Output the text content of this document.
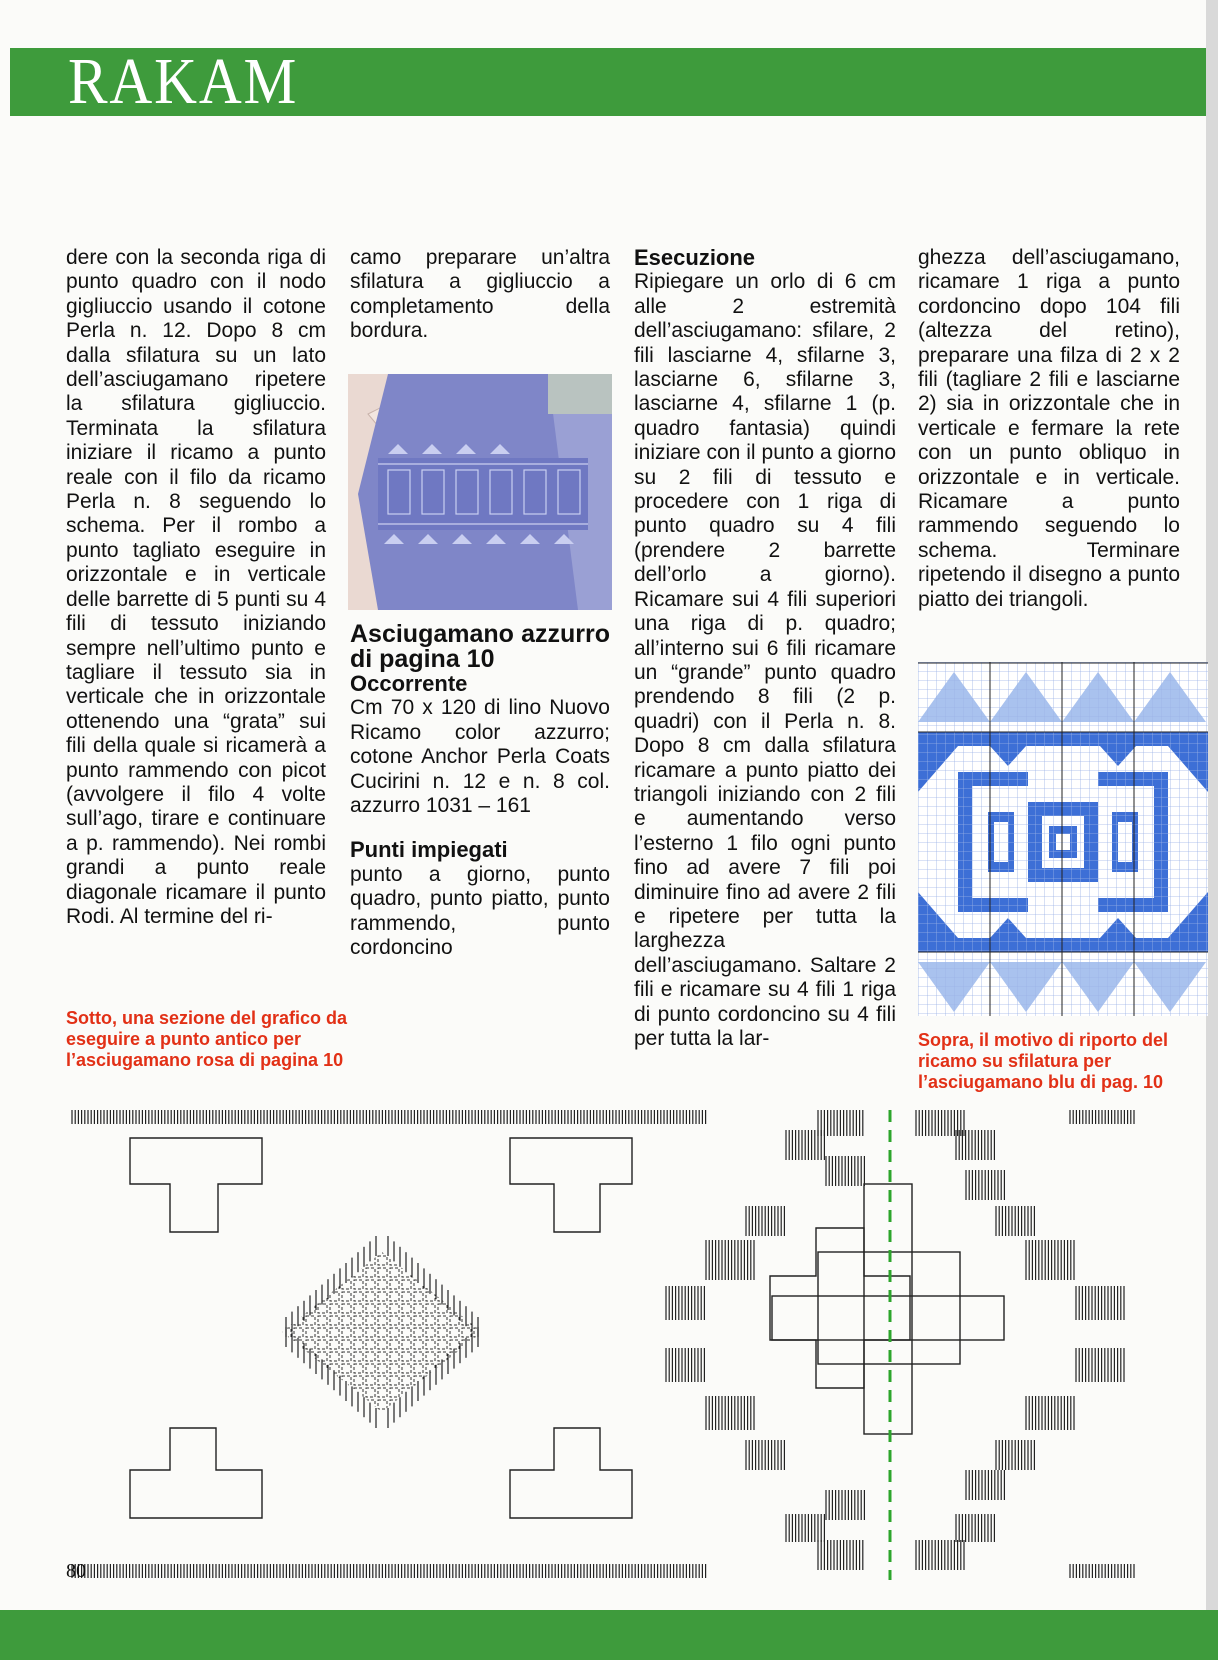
RAKAM

dere con la seconda riga di punto quadro con il nodo gigliuccio usando il cotone Perla n. 12. Dopo 8 cm dalla sfilatura su un lato dell’asciugamano ripetere la sfilatura gigliuccio. Terminata la sfilatura iniziare il ricamo a punto reale con il filo da ricamo Perla n. 8 seguendo lo schema. Per il rombo a punto tagliato eseguire in orizzontale e in verticale delle barrette di 5 punti su 4 fili di tessuto iniziando sempre nell’ultimo punto e tagliare il tessuto sia in verticale che in orizzontale ottenendo una “grata” sui fili della quale si ricamerà a punto rammendo con picot (avvolgere il filo 4 volte sull’ago, tirare e continuare a p. rammendo). Nei rombi grandi a punto reale diagonale ricamare il punto Rodi. Al termine del ri-

camo preparare un’altra sfilatura a gigliuccio a completamento della bordura.

Asciugamano azzurro di pagina 10

Occorrente

Cm 70 x 120 di lino Nuovo Ricamo color azzurro; cotone Anchor Perla Coats Cucirini n. 12 e n. 8 col. azzurro 1031 – 161

Punti impiegati

punto a giorno, punto quadro, punto piatto, punto rammendo, punto cordoncino

Esecuzione

Ripiegare un orlo di 6 cm alle 2 estremità dell’asciugamano: sfilare, 2 fili lasciarne 4, sfilarne 3, lasciarne 6, sfilarne 3, lasciarne 4, sfilarne 1 (p. quadro fantasia) quindi iniziare con il punto a giorno su 2 fili di tessuto e procedere con 1 riga di punto quadro su 4 fili (prendere 2 barrette dell’orlo a giorno). Ricamare sui 4 fili superiori una riga di p. quadro; all’interno sui 6 fili ricamare un “grande” punto quadro prendendo 8 fili (2 p. quadri) con il Perla n. 8. Dopo 8 cm dalla sfilatura ricamare a punto piatto dei triangoli iniziando con 2 fili e aumentando verso l’esterno 1 filo ogni punto fino ad avere 7 fili poi diminuire fino ad avere 2 fili e ripetere per tutta la larghezza dell’asciugamano. Saltare 2 fili e ricamare su 4 fili 1 riga di punto cordoncino su 4 fili per tutta la lar-

ghezza dell’asciugamano, ricamare 1 riga a punto cordoncino dopo 104 fili (altezza del retino), preparare una filza di 2 x 2 fili (tagliare 2 fili e lasciarne 2) sia in orizzontale che in verticale e fermare la rete con un punto obliquo in orizzontale e in verticale. Ricamare a punto rammendo seguendo lo schema. Terminare ripetendo il disegno a punto piatto dei triangoli.

Sotto, una sezione del grafico da eseguire a punto antico per l’asciugamano rosa di pagina 10
Sopra, il motivo di riporto del ricamo su sfilatura per l’asciugamano blu di pag. 10
80
